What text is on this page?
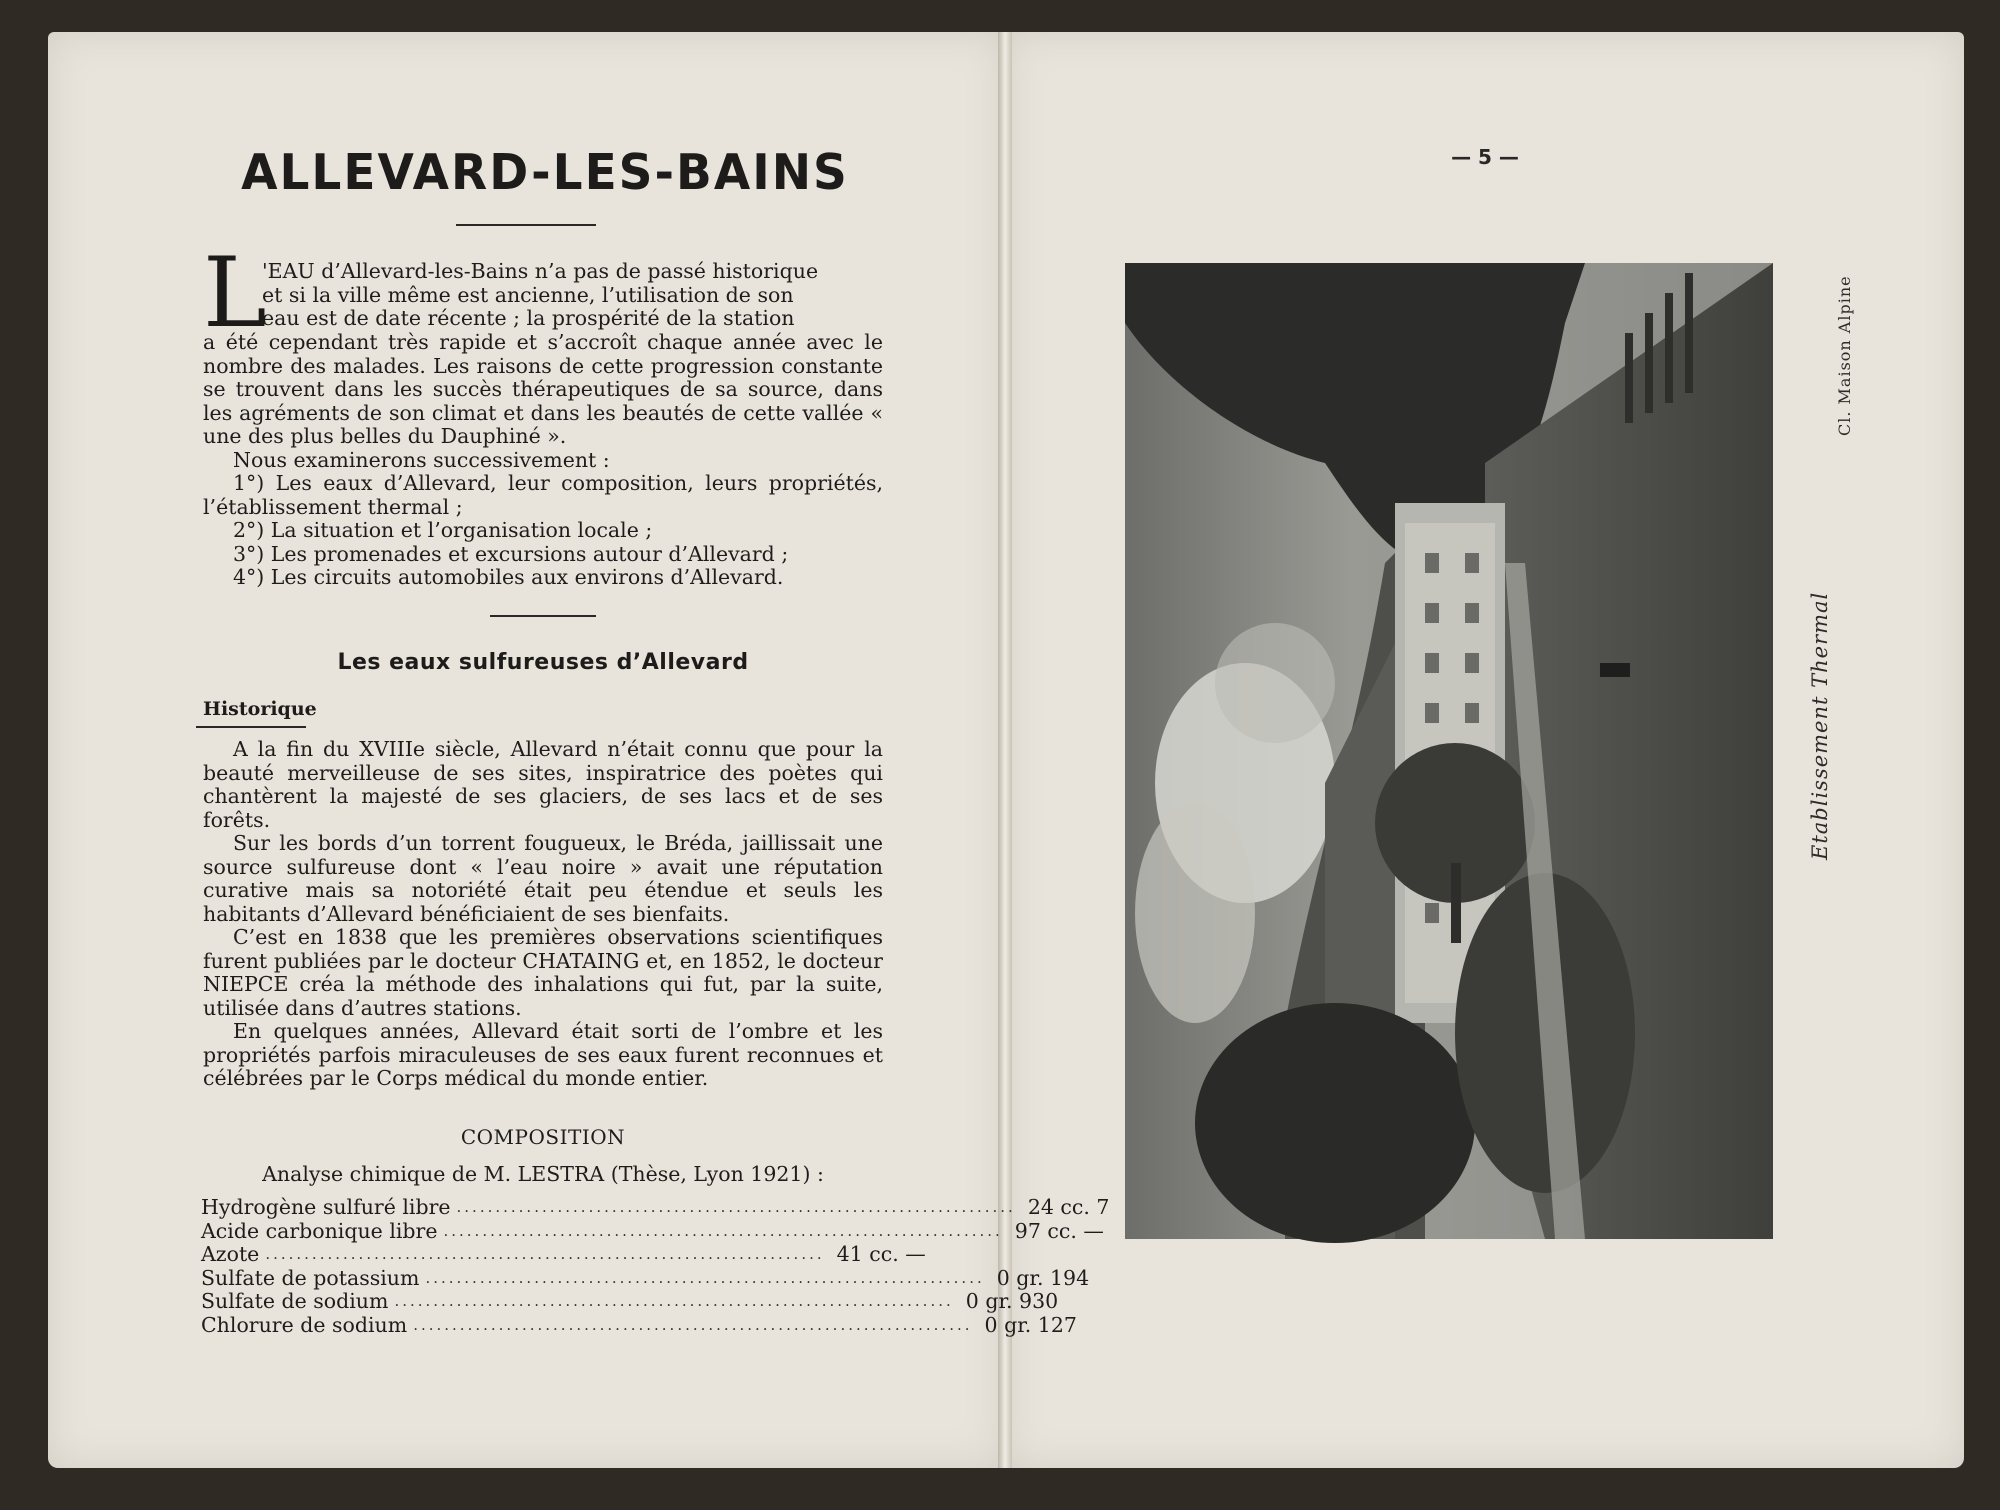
ALLEVARD-LES-BAINS
L

'EAU d’Allevard-les-Bains n’a pas de passé historique

et si la ville même est ancienne, l’utilisation de son

eau est de date récente ; la prospérité de la station

a été cependant très rapide et s’accroît chaque année avec le nombre des malades. Les raisons de cette progression constante se trouvent dans les succès thérapeutiques de sa source, dans les agréments de son climat et dans les beautés de cette vallée « une des plus belles du Dauphiné ».

Nous examinerons successivement :

1°) Les eaux d’Allevard, leur composition, leurs propriétés, l’établissement thermal ;

2°) La situation et l’organisation locale ;

3°) Les promenades et excursions autour d’Allevard ;

4°) Les circuits automobiles aux environs d’Allevard.

Les eaux sulfureuses d’Allevard
Historique

A la fin du XVIIIe siècle, Allevard n’était connu que pour la beauté merveilleuse de ses sites, inspiratrice des poètes qui chantèrent la majesté de ses glaciers, de ses lacs et de ses forêts.

Sur les bords d’un torrent fougueux, le Bréda, jaillissait une source sulfureuse dont « l’eau noire » avait une réputation curative mais sa notoriété était peu étendue et seuls les habitants d’Allevard bénéficiaient de ses bienfaits.

C’est en 1838 que les premières observations scientifiques furent publiées par le docteur CHATAING et, en 1852, le docteur NIEPCE créa la méthode des inhalations qui fut, par la suite, utilisée dans d’autres stations.

En quelques années, Allevard était sorti de l’ombre et les propriétés parfois miraculeuses de ses eaux furent reconnues et célébrées par le Corps médical du monde entier.

COMPOSITION
Analyse chimique de M. LESTRA (Thèse, Lyon 1921) :
Hydrogène sulfuré libre ........................................................................ 24 cc. 7
Acide carbonique libre ........................................................................ 97 cc. —
Azote ........................................................................ 41 cc. —
Sulfate de potassium ........................................................................ 0 gr. 194
Sulfate de sodium ........................................................................ 0 gr. 930
Chlorure de sodium ........................................................................ 0 gr. 127
— 5 —
Etablissement Thermal
Cl. Maison Alpine
